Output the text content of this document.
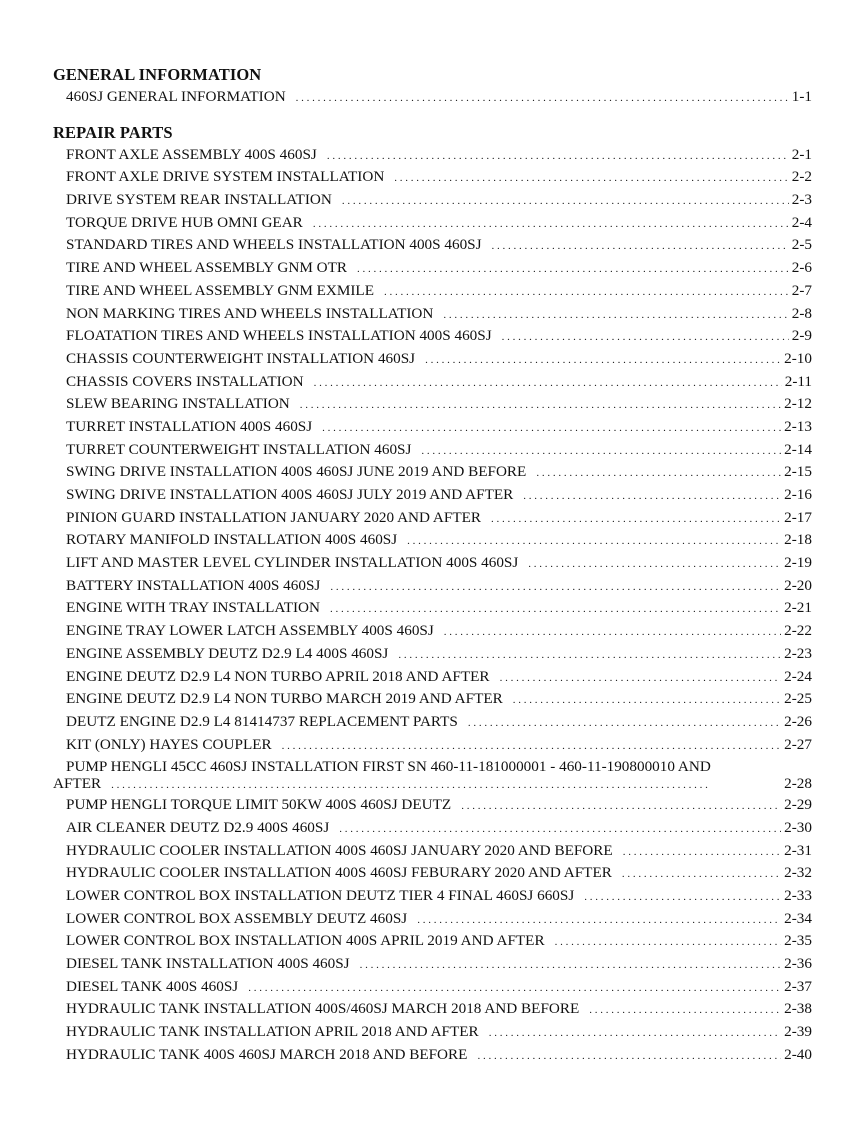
GENERAL INFORMATION
460SJ GENERAL INFORMATION . . .	1-1
REPAIR PARTS
FRONT AXLE ASSEMBLY 400S 460SJ . . .	2-1
FRONT AXLE DRIVE SYSTEM INSTALLATION . . .	2-2
DRIVE SYSTEM REAR INSTALLATION . . .	2-3
TORQUE DRIVE HUB OMNI GEAR . . .	2-4
STANDARD TIRES AND WHEELS INSTALLATION 400S 460SJ . . .	2-5
TIRE AND WHEEL ASSEMBLY GNM OTR . . .	2-6
TIRE AND WHEEL ASSEMBLY GNM EXMILE . . .	2-7
NON MARKING TIRES AND WHEELS INSTALLATION . . .	2-8
FLOATATION TIRES AND WHEELS INSTALLATION 400S 460SJ . . .	2-9
CHASSIS COUNTERWEIGHT INSTALLATION 460SJ . . .	2-10
CHASSIS COVERS INSTALLATION . . .	2-11
SLEW BEARING INSTALLATION . . .	2-12
TURRET INSTALLATION 400S 460SJ . . .	2-13
TURRET COUNTERWEIGHT INSTALLATION 460SJ . . .	2-14
SWING DRIVE INSTALLATION 400S 460SJ JUNE 2019 AND BEFORE . . .	2-15
SWING DRIVE INSTALLATION 400S 460SJ JULY 2019 AND AFTER . . .	2-16
PINION GUARD INSTALLATION JANUARY 2020 AND AFTER . . .	2-17
ROTARY MANIFOLD INSTALLATION 400S 460SJ . . .	2-18
LIFT AND MASTER LEVEL CYLINDER INSTALLATION 400S 460SJ . . .	2-19
BATTERY INSTALLATION 400S 460SJ . . .	2-20
ENGINE WITH TRAY INSTALLATION . . .	2-21
ENGINE TRAY LOWER LATCH ASSEMBLY 400S 460SJ . . .	2-22
ENGINE ASSEMBLY DEUTZ D2.9 L4 400S 460SJ . . .	2-23
ENGINE DEUTZ D2.9 L4 NON TURBO APRIL 2018 AND AFTER . . .	2-24
ENGINE DEUTZ D2.9 L4 NON TURBO MARCH 2019 AND AFTER . . .	2-25
DEUTZ ENGINE D2.9 L4 81414737 REPLACEMENT PARTS . . .	2-26
KIT (ONLY) HAYES COUPLER . . .	2-27
PUMP HENGLI 45CC 460SJ INSTALLATION FIRST SN 460-11-181000001 - 460-11-190800010 AND
AFTER . . .	2-28
PUMP HENGLI TORQUE LIMIT 50KW 400S 460SJ DEUTZ . . .	2-29
AIR CLEANER DEUTZ D2.9 400S 460SJ . . .	2-30
HYDRAULIC COOLER INSTALLATION 400S 460SJ JANUARY 2020 AND BEFORE . . .	2-31
HYDRAULIC COOLER INSTALLATION 400S 460SJ FEBURARY 2020 AND AFTER . . .	2-32
LOWER CONTROL BOX INSTALLATION DEUTZ TIER 4 FINAL 460SJ 660SJ . . .	2-33
LOWER CONTROL BOX ASSEMBLY DEUTZ 460SJ . . .	2-34
LOWER CONTROL BOX INSTALLATION 400S APRIL 2019 AND AFTER . . .	2-35
DIESEL TANK INSTALLATION 400S 460SJ . . .	2-36
DIESEL TANK 400S 460SJ . . .	2-37
HYDRAULIC TANK INSTALLATION 400S/460SJ MARCH 2018 AND BEFORE . . .	2-38
HYDRAULIC TANK INSTALLATION APRIL 2018 AND AFTER . . .	2-39
HYDRAULIC TANK 400S 460SJ MARCH 2018 AND BEFORE . . .	2-40
